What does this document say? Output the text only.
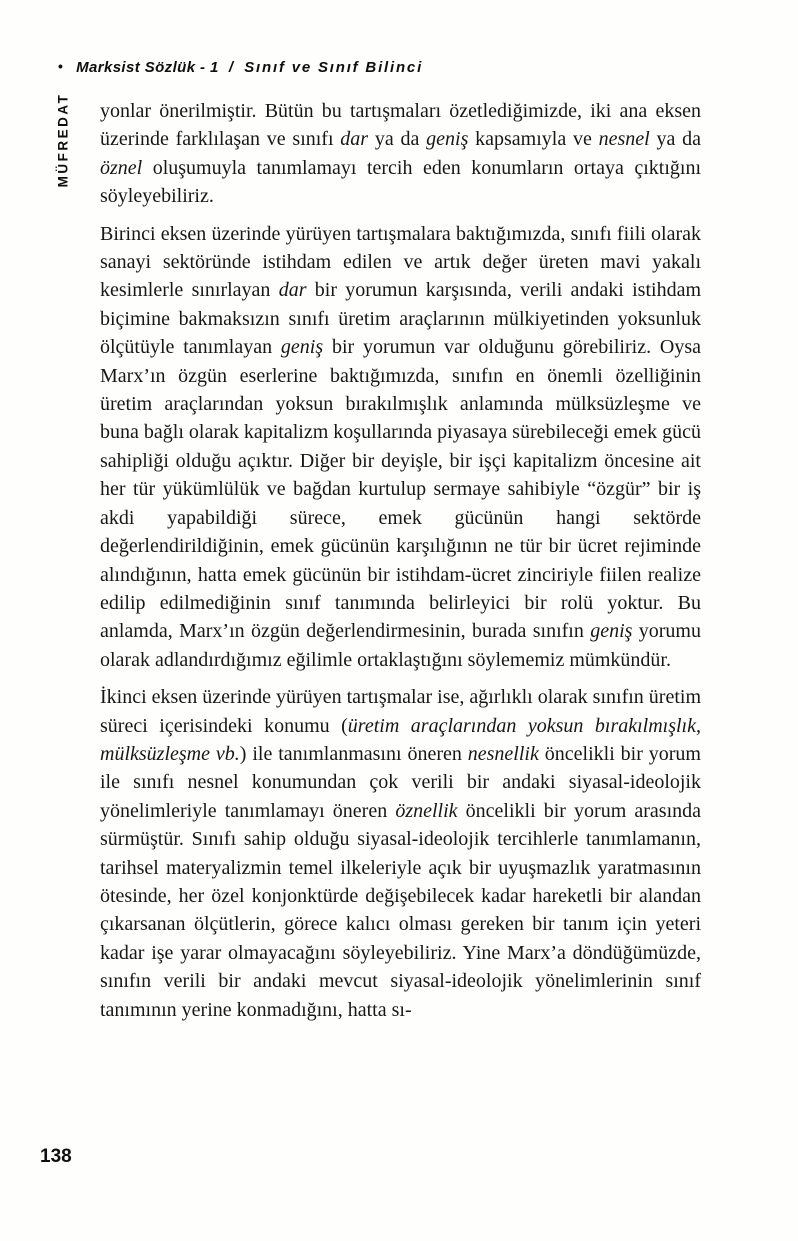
• Marksist Sözlük - 1 / Sınıf ve Sınıf Bilinci
MÜFREDAT yonlar önerilmiştir. Bütün bu tartışmaları özetlediğimizde, iki ana eksen üzerinde farklılaşan ve sınıfı dar ya da geniş kapsamıyla ve nesnel ya da öznel oluşumuyla tanımlamayı tercih eden konumların ortaya çıktığını söyleyebiliriz.

Birinci eksen üzerinde yürüyen tartışmalara baktığımızda, sınıfı fiili olarak sanayi sektöründe istihdam edilen ve artık değer üreten mavi yakalı kesimlerle sınırlayan dar bir yorumun karşısında, verili andaki istihdam biçimine bakmaksızın sınıfı üretim araçlarının mülkiyetinden yoksunluk ölçütüyle tanımlayan geniş bir yorumun var olduğunu görebiliriz. Oysa Marx’ın özgün eserlerine baktığımızda, sınıfın en önemli özelliğinin üretim araçlarından yoksun bırakılmışlık anlamında mülksüzleşme ve buna bağlı olarak kapitalizm koşullarında piyasaya sürebileceği emek gücü sahipliği olduğu açıktır. Diğer bir deyişle, bir işçi kapitalizm öncesine ait her tür yükümlülük ve bağdan kurtulup sermaye sahibiyle “özgür” bir iş akdi yapabildiği sürece, emek gücünün hangi sektörde değerlendirildiğinin, emek gücünün karşılığının ne tür bir ücret rejiminde alındığının, hatta emek gücünün bir istihdam-ücret zinciriyle fiilen realize edilip edilmediğinin sınıf tanımında belirleyici bir rolü yoktur. Bu anlamda, Marx’ın özgün değerlendirmesinin, burada sınıfın geniş yorumu olarak adlandırdığımız eğilimle ortaklaştığını söylememiz mümkündür.

İkinci eksen üzerinde yürüyen tartışmalar ise, ağırlıklı olarak sınıfın üretim süreci içerisindeki konumu (üretim araçlarından yoksun bırakılmışlık, mülksüzleşme vb.) ile tanımlanmasını öneren nesnellik öncelikli bir yorum ile sınıfı nesnel konumundan çok verili bir andaki siyasal-ideolojik yönelimleriyle tanımlamayı öneren öznellik öncelikli bir yorum arasında sürmüştür. Sınıfı sahip olduğu siyasal-ideolojik tercihlerle tanımlamanın, tarihsel materyalizmin temel ilkeleriyle açık bir uyuşmazlık yaratmasının ötesinde, her özel konjonktürde değişebilecek kadar hareketli bir alandan çıkarsanan ölçütlerin, görece kalıcı olması gereken bir tanım için yeteri kadar işe yarar olmayacağını söyleyebiliriz. Yine Marx’a döndüğümüzde, sınıfın verili bir andaki mevcut siyasal-ideolojik yönelimlerinin sınıf tanımının yerine konmadığını, hatta sı-

138
